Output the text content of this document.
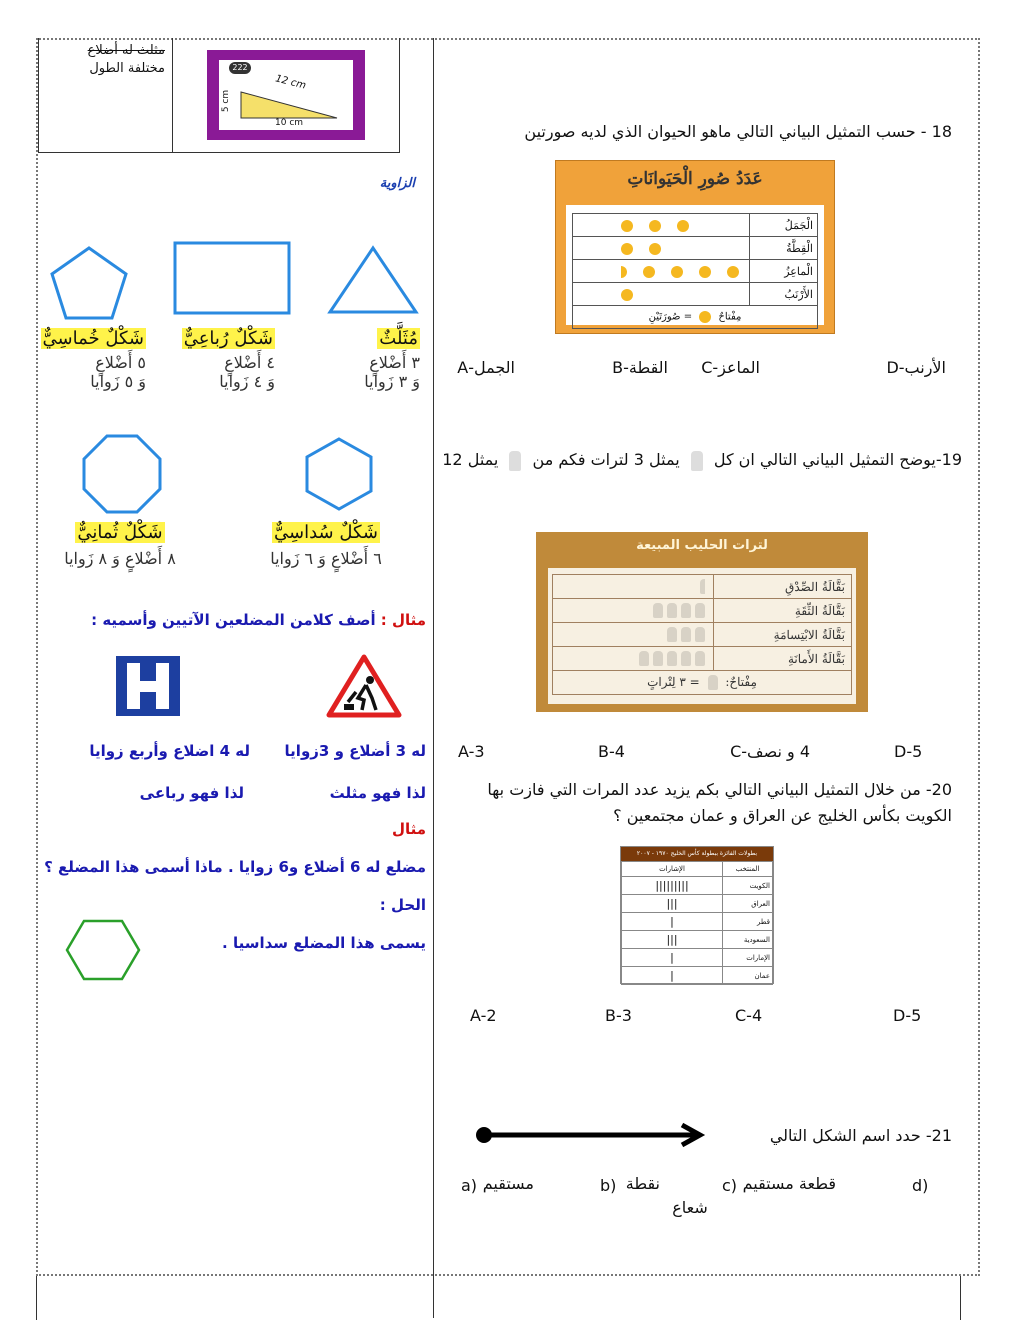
مثلث له أضلاع
مختلفة الطول	222
12 cm
10 cm
5 cm
الزاوية
مُثَلَّثٌ
٣ أَضْلاعٍ
وَ ٣ زَوايا
شَكْلٌ رُباعِيٌّ
٤ أَضْلاعٍ
وَ ٤ زَوايا
شَكْلٌ خُماسِيٌّ
٥ أَضْلاعٍ
وَ ٥ زَوايا
شَكْلٌ سُداسِيٌّ
٦ أَضْلاعٍ وَ ٦ زَوايا
شَكْلٌ ثُمانِيٌّ
٨ أَضْلاعٍ وَ ٨ زَوايا
مثال : أصف كلامن المضلعين الآتيين وأسميه :
له 3 أضلاع و 3زوايا
له 4 اضلاع وأربع زوايا
لذا فهو مثلث
لذا فهو رباعى
مثال
مضلع له 6 أضلاع و6 زوايا . ماذا أسمى هذا المضلع ؟
الحل :
يسمى هذا المضلع سداسيا .
18 - حسب التمثيل البياني التالي ماهو الحيوان الذي لديه صورتين
عَدَدُ صُورِ الْحَيَوانَاتِ
	الْجَمَلُ
	الْقِطَّةُ
	الْماعِزُ
	الأَرْنَبُ
مِفْتاحٌ  = صُورَتَيْنِ	
الجمل-A	القطة-B	الماعز-C	الأرنب-D
19-يوضح التمثيل البياني التالي ان كل  يمثل 3 لترات فكم من  يمثل 12
لترات الحليب المبيعة
	بَقَّالَةُ الصِّدْقِ
	بَقَّالَةُ الثِّقَةِ
	بَقَّالَةُ الابْتِسامَةِ
	بَقَّالَةُ الأَمانَةِ
مِفْتاحٌ:  = ٣ لِتْراتٍ	
A-3	B-4	4 و نصف-C	D-5
20- من خلال التمثيل البياني التالي بكم يزيد عدد المرات التي فازت بها
الكويت بكأس الخليج عن العراق و عمان مجتمعين ؟
بطولات الفائزة ببطولة كأس الخليج ١٩٧٠ - ٢٠٠٧
الإشارات	المنتخب
|||||||||	الكويت
|||	العراق
|	قطر
|||	السعودية
|	الإمارات
|	عمان
A-2	B-3	C-4	D-5
21- حدد اسم الشكل التالي
a) مستقيم	b) نقطة	c) قطعة مستقيم	d)
شعاع
